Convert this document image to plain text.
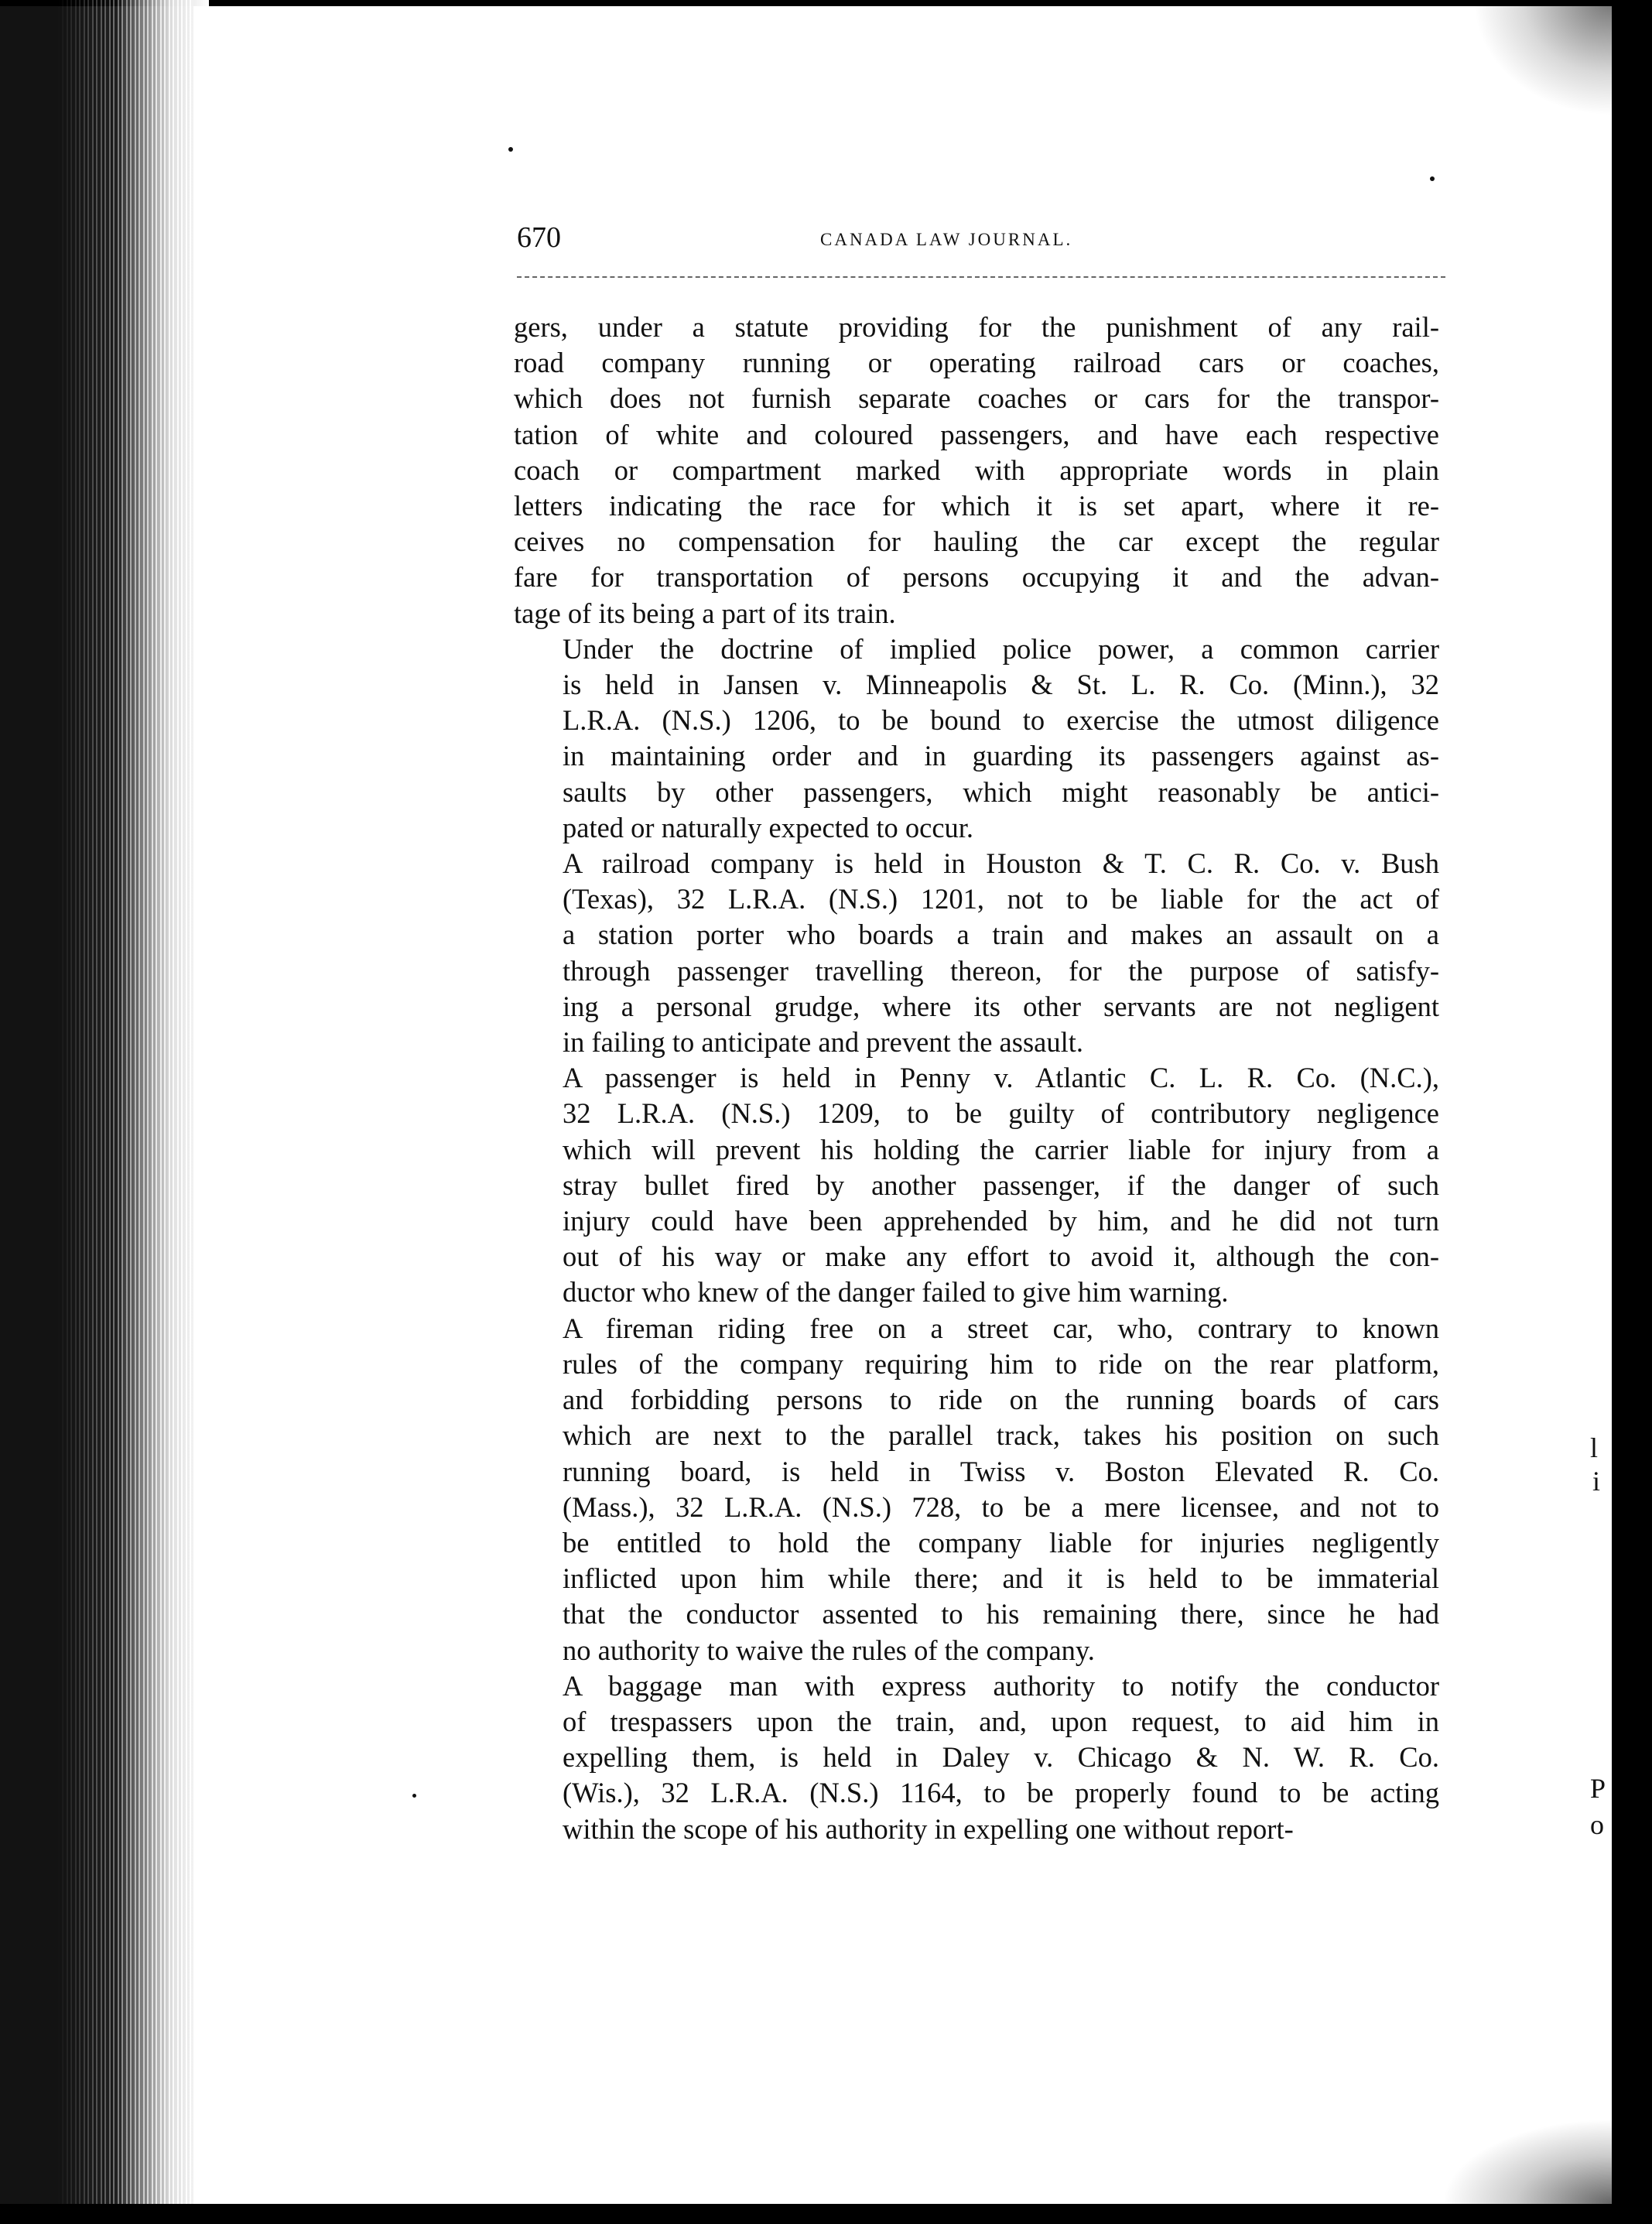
670	CANADA LAW JOURNAL.

gers, under a statute providing for the punishment of any rail-
road company running or operating railroad cars or coaches,
which does not furnish separate coaches or cars for the transpor-
tation of white and coloured passengers, and have each respective
coach or compartment marked with appropriate words in plain
letters indicating the race for which it is set apart, where it re-
ceives no compensation for hauling the car except the regular
fare for transportation of persons occupying it and the advan-
tage of its being a part of its train.

Under the doctrine of implied police power, a common carrier
is held in Jansen v. Minneapolis & St. L. R. Co. (Minn.), 32
L.R.A. (N.S.) 1206, to be bound to exercise the utmost diligence
in maintaining order and in guarding its passengers against as-
saults by other passengers, which might reasonably be antici-
pated or naturally expected to occur.

A railroad company is held in Houston & T. C. R. Co. v. Bush
(Texas), 32 L.R.A. (N.S.) 1201, not to be liable for the act of
a station porter who boards a train and makes an assault on a
through passenger travelling thereon, for the purpose of satisfy-
ing a personal grudge, where its other servants are not negligent
in failing to anticipate and prevent the assault.

A passenger is held in Penny v. Atlantic C. L. R. Co. (N.C.),
32 L.R.A. (N.S.) 1209, to be guilty of contributory negligence
which will prevent his holding the carrier liable for injury from a
stray bullet fired by another passenger, if the danger of such
injury could have been apprehended by him, and he did not turn
out of his way or make any effort to avoid it, although the con-
ductor who knew of the danger failed to give him warning.

A fireman riding free on a street car, who, contrary to known
rules of the company requiring him to ride on the rear platform,
and forbidding persons to ride on the running boards of cars
which are next to the parallel track, takes his position on such
running board, is held in Twiss v. Boston Elevated R. Co.
(Mass.), 32 L.R.A. (N.S.) 728, to be a mere licensee, and not to
be entitled to hold the company liable for injuries negligently
inflicted upon him while there; and it is held to be immaterial
that the conductor assented to his remaining there, since he had
no authority to waive the rules of the company.

A baggage man with express authority to notify the conductor
of trespassers upon the train, and, upon request, to aid him in
expelling them, is held in Daley v. Chicago & N. W. R. Co.
(Wis.), 32 L.R.A. (N.S.) 1164, to be properly found to be acting
within the scope of his authority in expelling one without report-

l
i
P
o
